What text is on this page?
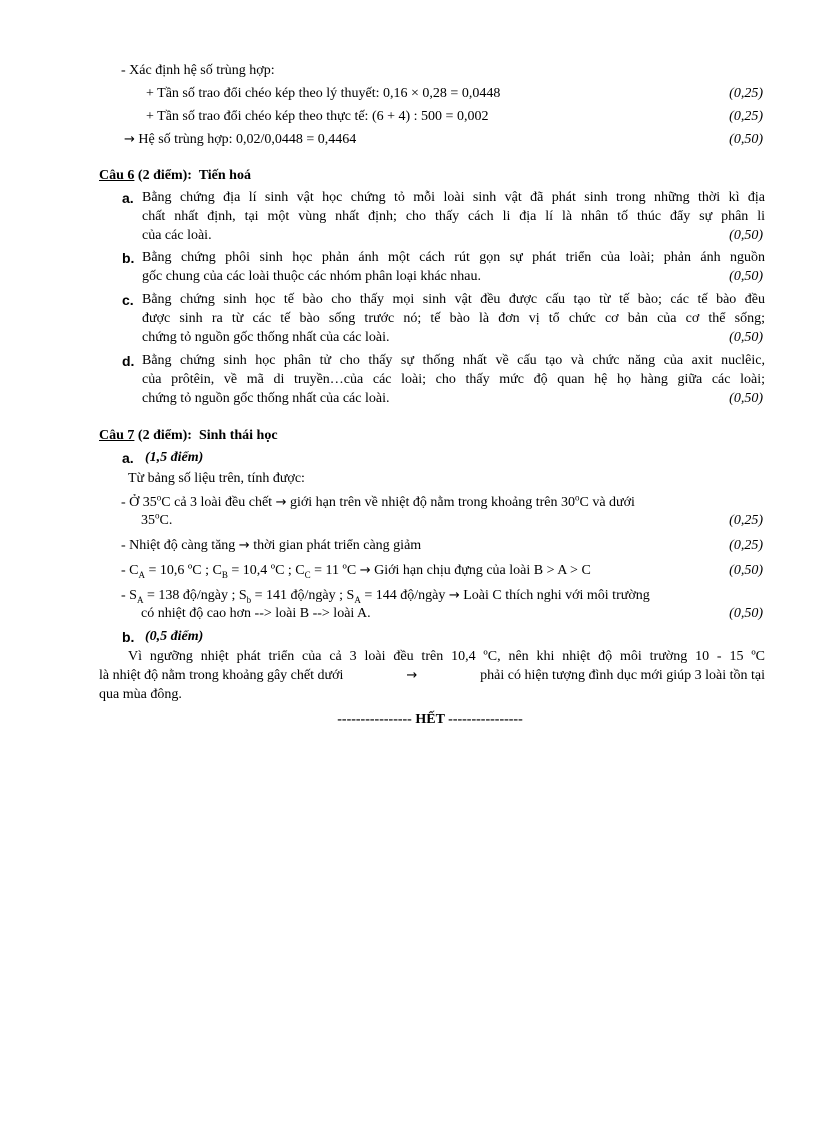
- Xác định hệ số trùng hợp:
+ Tần số trao đổi chéo kép theo lý thuyết: 0,16 × 0,28 = 0,0448	(0,25)
+ Tần số trao đổi chéo kép theo thực tế: (6 + 4) : 500 = 0,002	(0,25)
→ Hệ số trùng hợp: 0,02/0,0448 = 0,4464	(0,50)
Câu 6 (2 điểm): Tiến hoá
a. Bằng chứng địa lí sinh vật học chứng tỏ mỗi loài sinh vật đã phát sinh trong những thời kì địa
chất nhất định, tại một vùng nhất định; cho thấy cách li địa lí là nhân tố thúc đẩy sự phân li
của các loài.	(0,50)
b. Bằng chứng phôi sinh học phản ánh một cách rút gọn sự phát triển của loài; phản ánh nguồn
gốc chung của các loài thuộc các nhóm phân loại khác nhau.	(0,50)
c. Bằng chứng sinh học tế bào cho thấy mọi sinh vật đều được cấu tạo từ tế bào; các tế bào đều
được sinh ra từ các tế bào sống trước nó; tế bào là đơn vị tổ chức cơ bản của cơ thể sống;
chứng tỏ nguồn gốc thống nhất của các loài.	(0,50)
d. Bằng chứng sinh học phân tử cho thấy sự thống nhất về cấu tạo và chức năng của axit nuclêic,
của prôtêin, về mã di truyền…của các loài; cho thấy mức độ quan hệ họ hàng giữa các loài;
chứng tỏ nguồn gốc thống nhất của các loài.	(0,50)
Câu 7 (2 điểm): Sinh thái học
a. (1,5 điểm)
Từ bảng số liệu trên, tính được:
- Ở 35$^o$C cả 3 loài đều chết → giới hạn trên về nhiệt độ nằm trong khoảng trên 30$^o$C và dưới
35$^o$C.	(0,25)
- Nhiệt độ càng tăng → thời gian phát triển càng giảm	(0,25)
- $C_A = 10,6$ ºC ; $C_B = 10,4$ ºC ; $C_C = 11$ ºC → Giới hạn chịu đựng của loài B > A > C	(0,50)
- $S_A = 138$ độ/ngày ; $S_b = 141$ độ/ngày ; $S_A = 144$ độ/ngày → Loài C thích nghi với môi trường
có nhiệt độ cao hơn --> loài B --> loài A.	(0,50)
b. (0,5 điểm)
Vì ngưỡng nhiệt phát triển của cả 3 loài đều trên 10,4 ºC, nên khi nhiệt độ môi trường 10 - 15 ºC
là nhiệt độ nằm trong khoảng gây chết dưới	→	phải có hiện tượng đình dục mới giúp 3 loài tồn tại
qua mùa đông.
---------------- HẾT ----------------
